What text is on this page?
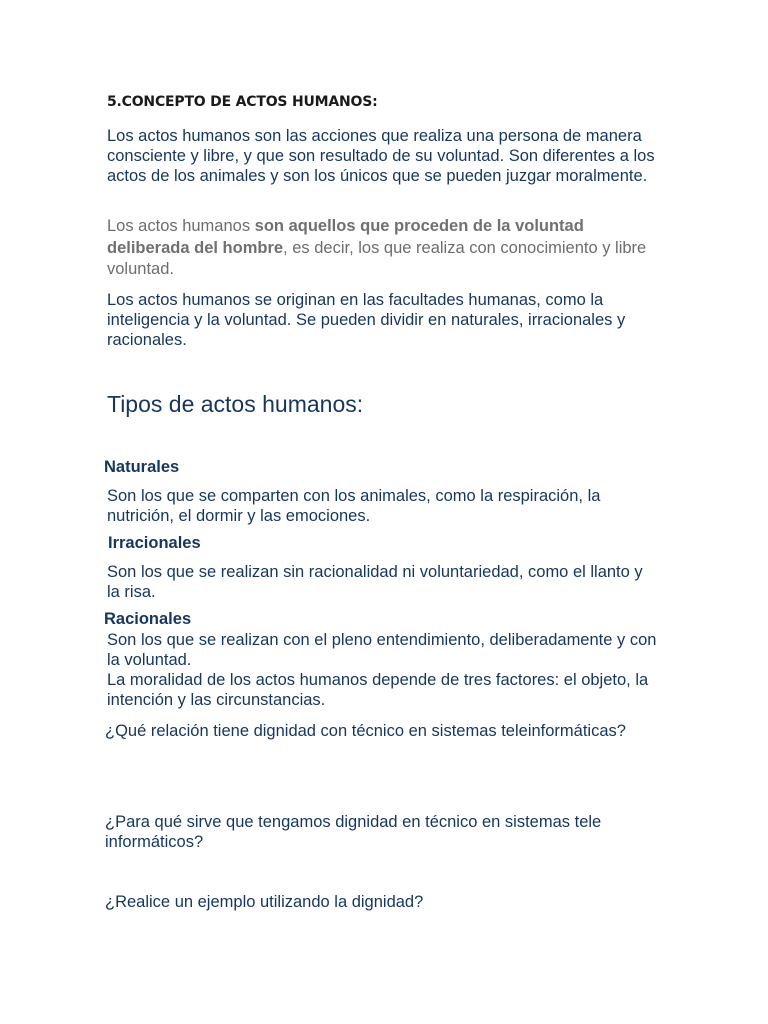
5.CONCEPTO DE ACTOS HUMANOS:

Los actos humanos son las acciones que realiza una persona de manera consciente y libre, y que son resultado de su voluntad. Son diferentes a los actos de los animales y son los únicos que se pueden juzgar moralmente.

Los actos humanos son aquellos que proceden de la voluntad deliberada del hombre, es decir, los que realiza con conocimiento y libre voluntad.

Los actos humanos se originan en las facultades humanas, como la inteligencia y la voluntad. Se pueden dividir en naturales, irracionales y racionales.

Tipos de actos humanos:
Naturales

Son los que se comparten con los animales, como la respiración, la nutrición, el dormir y las emociones.

Irracionales

Son los que se realizan sin racionalidad ni voluntariedad, como el llanto y la risa.

Racionales

Son los que se realizan con el pleno entendimiento, deliberadamente y con la voluntad.

La moralidad de los actos humanos depende de tres factores: el objeto, la intención y las circunstancias.

¿Qué relación tiene dignidad con técnico en sistemas teleinformáticas?

¿Para qué sirve que tengamos dignidad en técnico en sistemas tele informáticos?

¿Realice un ejemplo utilizando la dignidad?
